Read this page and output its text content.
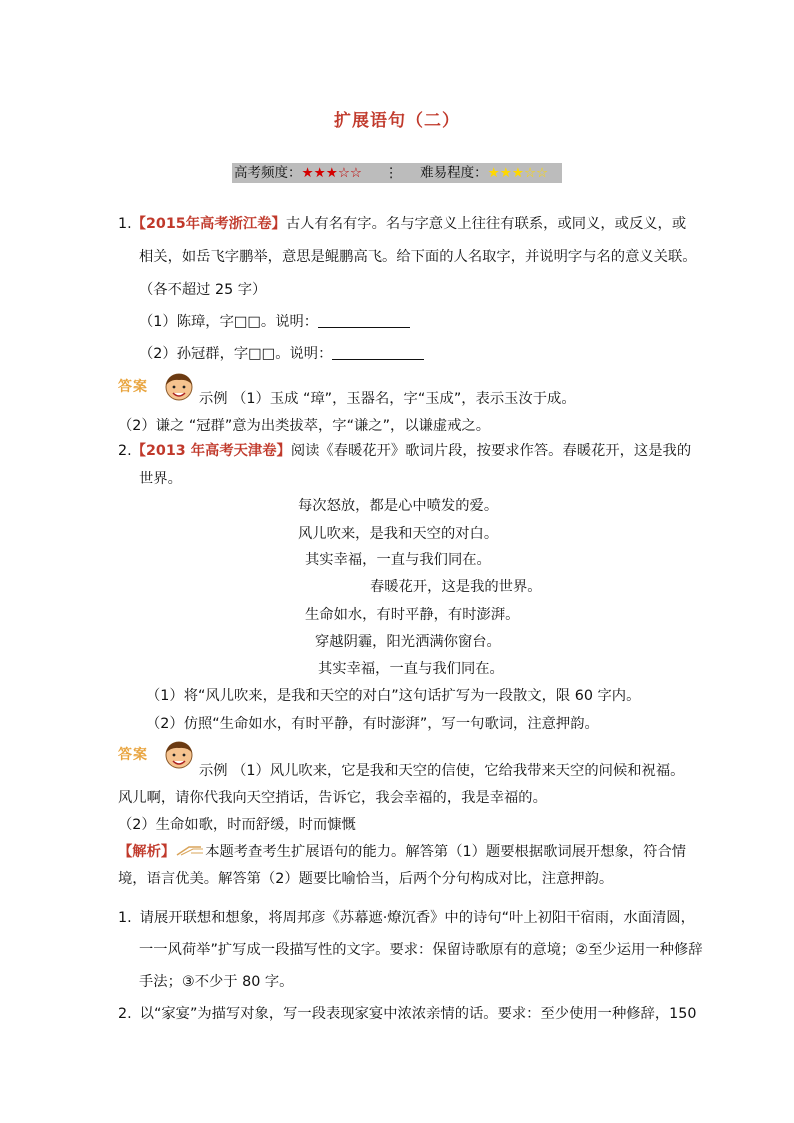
扩展语句（二）
高考频度：★★★☆☆ ⋮ 难易程度：★★★☆☆
1.【2015年高考浙江卷】古人有名有字。名与字意义上往往有联系，或同义，或反义，或
相关，如岳飞字鹏举，意思是鲲鹏高飞。给下面的人名取字，并说明字与名的意义关联。
（各不超过 25 字）
（1）陈璋，字□□。说明：
（2）孙冠群，字□□。说明：
答案
示例 （1）玉成 “璋”，玉器名，字“玉成”，表示玉汝于成。
（2）谦之 “冠群”意为出类拔萃，字“谦之”，以谦虚戒之。
2.【2013 年高考天津卷】阅读《春暖花开》歌词片段，按要求作答。春暖花开，这是我的
世界。
每次怒放，都是心中喷发的爱。
风儿吹来，是我和天空的对白。
其实幸福，一直与我们同在。
春暖花开，这是我的世界。
生命如水，有时平静，有时澎湃。
穿越阴霾，阳光洒满你窗台。
其实幸福，一直与我们同在。
（1）将“风儿吹来，是我和天空的对白”这句话扩写为一段散文，限 60 字内。
（2）仿照“生命如水，有时平静，有时澎湃”，写一句歌词，注意押韵。
答案
示例 （1）风儿吹来，它是我和天空的信使，它给我带来天空的问候和祝福。
风儿啊，请你代我向天空捎话，告诉它，我会幸福的，我是幸福的。
（2）生命如歌，时而舒缓，时而慷慨
【解析】 本题考查考生扩展语句的能力。解答第（1）题要根据歌词展开想象，符合情
境，语言优美。解答第（2）题要比喻恰当，后两个分句构成对比，注意押韵。
1. 请展开联想和想象，将周邦彦《苏幕遮·燎沉香》中的诗句“叶上初阳干宿雨，水面清圆，
一一风荷举”扩写成一段描写性的文字。要求：保留诗歌原有的意境；②至少运用一种修辞
手法；③不少于 80 字。
2. 以“家宴”为描写对象，写一段表现家宴中浓浓亲情的话。要求：至少使用一种修辞，150
